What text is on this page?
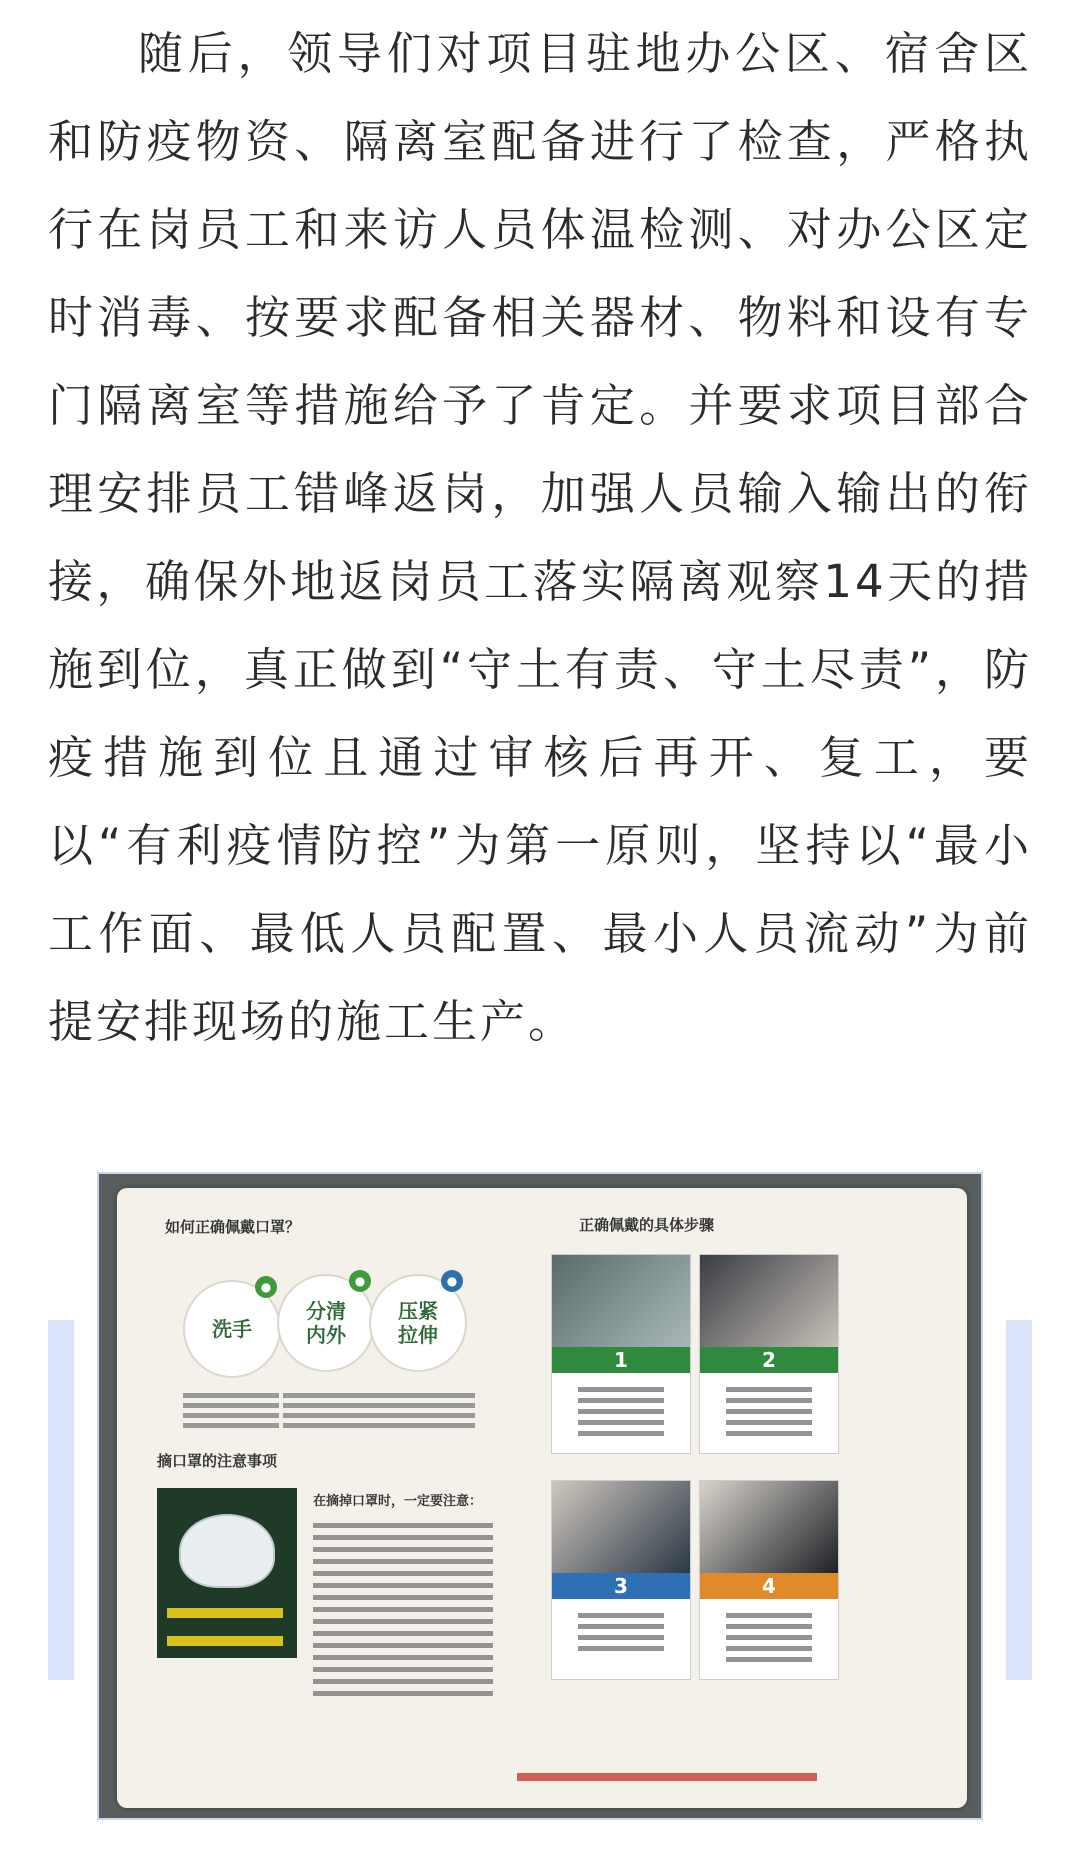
随后，领导们对项目驻地办公区、宿舍区和防疫物资、隔离室配备进行了检查，严格执行在岗员工和来访人员体温检测、对办公区定时消毒、按要求配备相关器材、物料和设有专门隔离室等措施给予了肯定。并要求项目部合理安排员工错峰返岗，加强人员输入输出的衔接，确保外地返岗员工落实隔离观察14天的措施到位，真正做到“守土有责、守土尽责”，防疫措施到位且通过审核后再开、复工，要以“有利疫情防控”为第一原则，坚持以“最小工作面、最低人员配置、最小人员流动”为前提安排现场的施工生产。

如何正确佩戴口罩？	正确佩戴的具体步骤
洗手
●
分清
内外
●
压紧
拉伸
●
摘口罩的注意事项
在摘掉口罩时，一定要注意：
1	2
3	4
